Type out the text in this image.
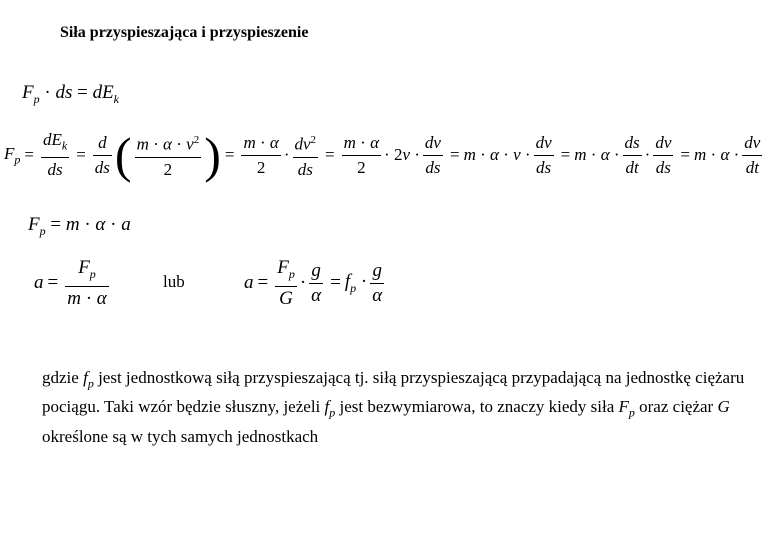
Siła przyspieszająca i przyspieszenie
$F_p$ · ds = $dE_k$
$F_p = \frac{dE_k}{ds} = \frac{d}{ds}$ ( $\frac{m \cdot \alpha \cdot v^2}{2}$ ) = $\frac{m \cdot \alpha}{2} \cdot \frac{dv^2}{ds} = \frac{m \cdot \alpha}{2} \cdot 2v \cdot \frac{dv}{ds} = m \cdot \alpha \cdot v \cdot \frac{dv}{ds} = m \cdot \alpha \cdot \frac{ds}{dt} \cdot \frac{dv}{ds} = m \cdot \alpha \cdot \frac{dv}{dt}$
$F_p = m \cdot \alpha \cdot a$
$a = \frac{F_p}{m \cdot \alpha}$	lub	$a = \frac{F_p}{G} \cdot \frac{g}{\alpha} = f_p \cdot \frac{g}{\alpha}$
gdzie $f_p$ jest jednostkową siłą przyspieszającą tj. siłą przyspieszającą przypadającą na jednostkę ciężaru pociągu. Taki wzór będzie słuszny, jeżeli $f_p$ jest bezwymiarowa, to znaczy kiedy siła $F_p$ oraz ciężar G określone są w tych samych jednostkach
